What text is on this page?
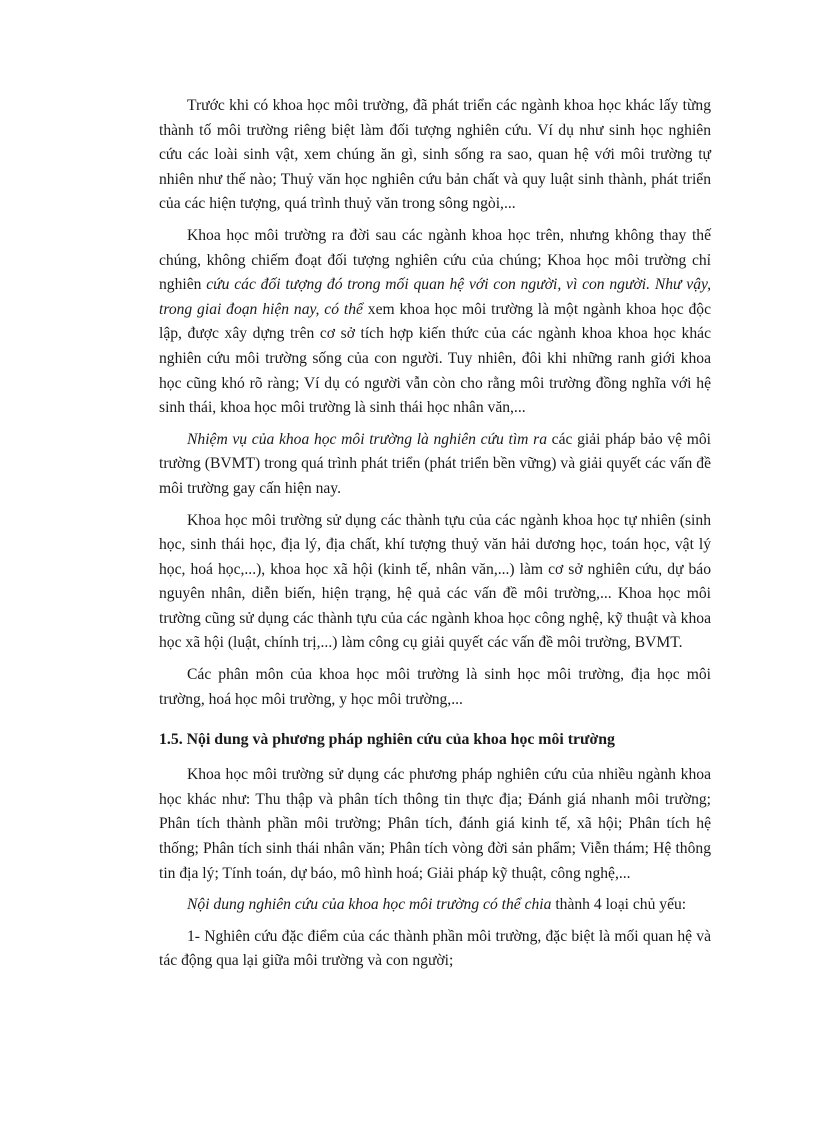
Trước khi có khoa học môi trường, đã phát triển các ngành khoa học khác lấy từng thành tố môi trường riêng biệt làm đối tượng nghiên cứu. Ví dụ như sinh học nghiên cứu các loài sinh vật, xem chúng ăn gì, sinh sống ra sao, quan hệ với môi trường tự nhiên như thế nào; Thuỷ văn học nghiên cứu bản chất và quy luật sinh thành, phát triển của các hiện tượng, quá trình thuỷ văn trong sông ngòi,...

Khoa học môi trường ra đời sau các ngành khoa học trên, nhưng không thay thế chúng, không chiếm đoạt đối tượng nghiên cứu của chúng; Khoa học môi trường chỉ nghiên cứu các đối tượng đó trong mối quan hệ với con người, vì con người. Như vậy, trong giai đoạn hiện nay, có thể xem khoa học môi trường là một ngành khoa học độc lập, được xây dựng trên cơ sở tích hợp kiến thức của các ngành khoa khoa học khác nghiên cứu môi trường sống của con người. Tuy nhiên, đôi khi những ranh giới khoa học cũng khó rõ ràng; Ví dụ có người vẫn còn cho rằng môi trường đồng nghĩa với hệ sinh thái, khoa học môi trường là sinh thái học nhân văn,...

Nhiệm vụ của khoa học môi trường là nghiên cứu tìm ra các giải pháp bảo vệ môi trường (BVMT) trong quá trình phát triển (phát triển bền vững) và giải quyết các vấn đề môi trường gay cấn hiện nay.

Khoa học môi trường sử dụng các thành tựu của các ngành khoa học tự nhiên (sinh học, sinh thái học, địa lý, địa chất, khí tượng thuỷ văn hải dương học, toán học, vật lý học, hoá học,...), khoa học xã hội (kinh tế, nhân văn,...) làm cơ sở nghiên cứu, dự báo nguyên nhân, diễn biến, hiện trạng, hệ quả các vấn đề môi trường,... Khoa học môi trường cũng sử dụng các thành tựu của các ngành khoa học công nghệ, kỹ thuật và khoa học xã hội (luật, chính trị,...) làm công cụ giải quyết các vấn đề môi trường, BVMT.

Các phân môn của khoa học môi trường là sinh học môi trường, địa học môi trường, hoá học môi trường, y học môi trường,...

1.5. Nội dung và phương pháp nghiên cứu của khoa học môi trường

Khoa học môi trường sử dụng các phương pháp nghiên cứu của nhiều ngành khoa học khác như: Thu thập và phân tích thông tin thực địa; Đánh giá nhanh môi trường; Phân tích thành phần môi trường; Phân tích, đánh giá kinh tế, xã hội; Phân tích hệ thống; Phân tích sinh thái nhân văn; Phân tích vòng đời sản phẩm; Viễn thám; Hệ thông tin địa lý; Tính toán, dự báo, mô hình hoá; Giải pháp kỹ thuật, công nghệ,...

Nội dung nghiên cứu của khoa học môi trường có thể chia thành 4 loại chủ yếu:

1- Nghiên cứu đặc điểm của các thành phần môi trường, đặc biệt là mối quan hệ và tác động qua lại giữa môi trường và con người;
